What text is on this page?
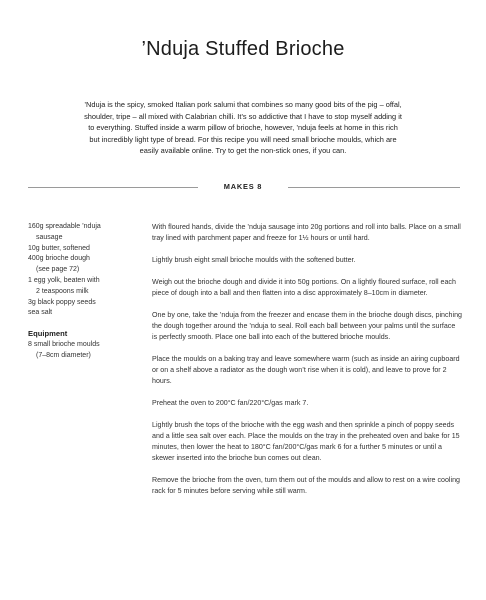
’Nduja Stuffed Brioche
’Nduja is the spicy, smoked Italian pork salumi that combines so many good bits of the pig – offal, shoulder, tripe – all mixed with Calabrian chilli. It’s so addictive that I have to stop myself adding it to everything. Stuffed inside a warm pillow of brioche, however, ’nduja feels at home in this rich but incredibly light type of bread. For this recipe you will need small brioche moulds, which are easily available online. Try to get the non-stick ones, if you can.
MAKES 8
160g spreadable ’nduja
sausage
10g butter, softened
400g brioche dough
(see page 72)
1 egg yolk, beaten with
2 teaspoons milk
3g black poppy seeds
sea salt
Equipment
8 small brioche moulds
(7–8cm diameter)

With floured hands, divide the ’nduja sausage into 20g portions and roll into balls. Place on a small tray lined with parchment paper and freeze for 1½ hours or until hard.

Lightly brush eight small brioche moulds with the softened butter.

Weigh out the brioche dough and divide it into 50g portions. On a lightly floured surface, roll each piece of dough into a ball and then flatten into a disc approximately 8–10cm in diameter.

One by one, take the ’nduja from the freezer and encase them in the brioche dough discs, pinching the dough together around the ’nduja to seal. Roll each ball between your palms until the surface is perfectly smooth. Place one ball into each of the buttered brioche moulds.

Place the moulds on a baking tray and leave somewhere warm (such as inside an airing cupboard or on a shelf above a radiator as the dough won’t rise when it is cold), and leave to prove for 2 hours.

Preheat the oven to 200°C fan/220°C/gas mark 7.

Lightly brush the tops of the brioche with the egg wash and then sprinkle a pinch of poppy seeds and a little sea salt over each. Place the moulds on the tray in the preheated oven and bake for 15 minutes, then lower the heat to 180°C fan/200°C/gas mark 6 for a further 5 minutes or until a skewer inserted into the brioche bun comes out clean.

Remove the brioche from the oven, turn them out of the moulds and allow to rest on a wire cooling rack for 5 minutes before serving while still warm.
